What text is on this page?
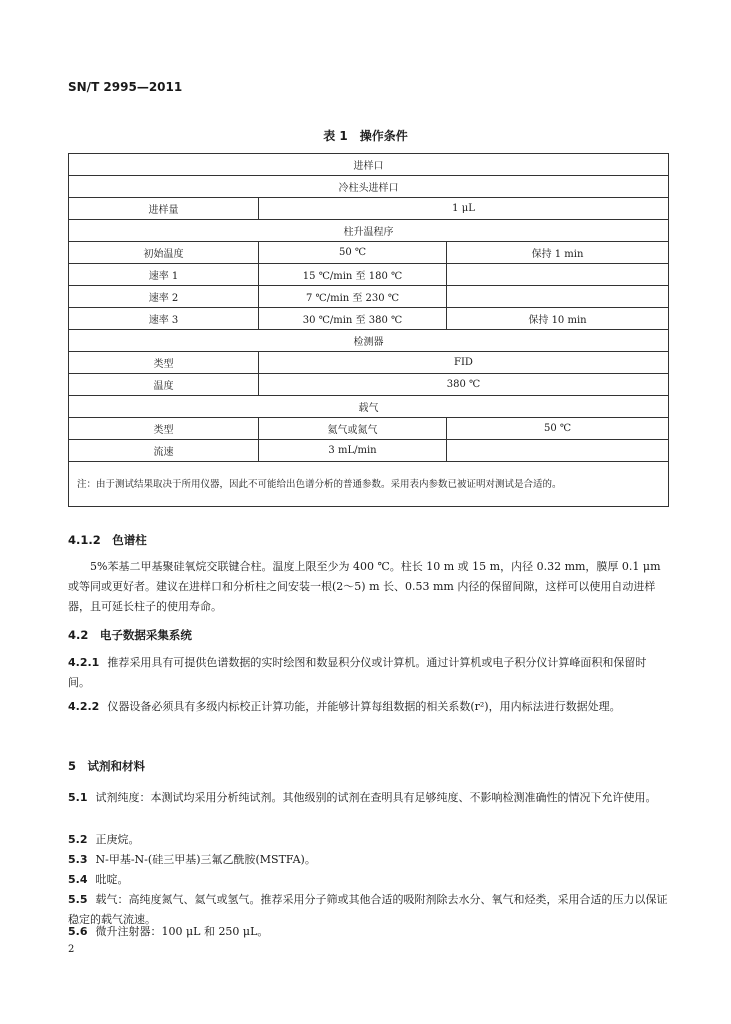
SN/T 2995—2011
表 1　操作条件
进样口		
冷柱头进样口		
进样量	1 μL	
柱升温程序		
初始温度	50 ℃	保持 1 min
速率 1	15 ℃/min 至 180 ℃	
速率 2	7 ℃/min 至 230 ℃	
速率 3	30 ℃/min 至 380 ℃	保持 10 min
检测器		
类型	FID	
温度	380 ℃	
载气		
类型	氦气或氮气	50 ℃
流速	3 mL/min	
注：由于测试结果取决于所用仪器，因此不可能给出色谱分析的普通参数。采用表内参数已被证明对测试是合适的。		
4.1.2　色谱柱
5%苯基二甲基聚硅氧烷交联键合柱。温度上限至少为 400 ℃。柱长 10 m 或 15 m，内径 0.32 mm，膜厚 0.1 μm 或等同或更好者。建议在进样口和分析柱之间安装一根(2～5) m 长、0.53 mm 内径的保留间隙，这样可以使用自动进样器，且可延长柱子的使用寿命。
4.2　电子数据采集系统
4.2.1 推荐采用具有可提供色谱数据的实时绘图和数显积分仪或计算机。通过计算机或电子积分仪计算峰面积和保留时间。
4.2.2 仪器设备必须具有多级内标校正计算功能，并能够计算每组数据的相关系数(r²)，用内标法进行数据处理。
5　试剂和材料
5.1 试剂纯度：本测试均采用分析纯试剂。其他级别的试剂在查明具有足够纯度、不影响检测准确性的情况下允许使用。
5.2 正庚烷。
5.3 N-甲基-N-(硅三甲基)三氟乙酰胺(MSTFA)。
5.4 吡啶。
5.5 载气：高纯度氮气、氦气或氢气。推荐采用分子筛或其他合适的吸附剂除去水分、氧气和烃类，采用合适的压力以保证稳定的载气流速。
5.6 微升注射器：100 μL 和 250 μL。
2
